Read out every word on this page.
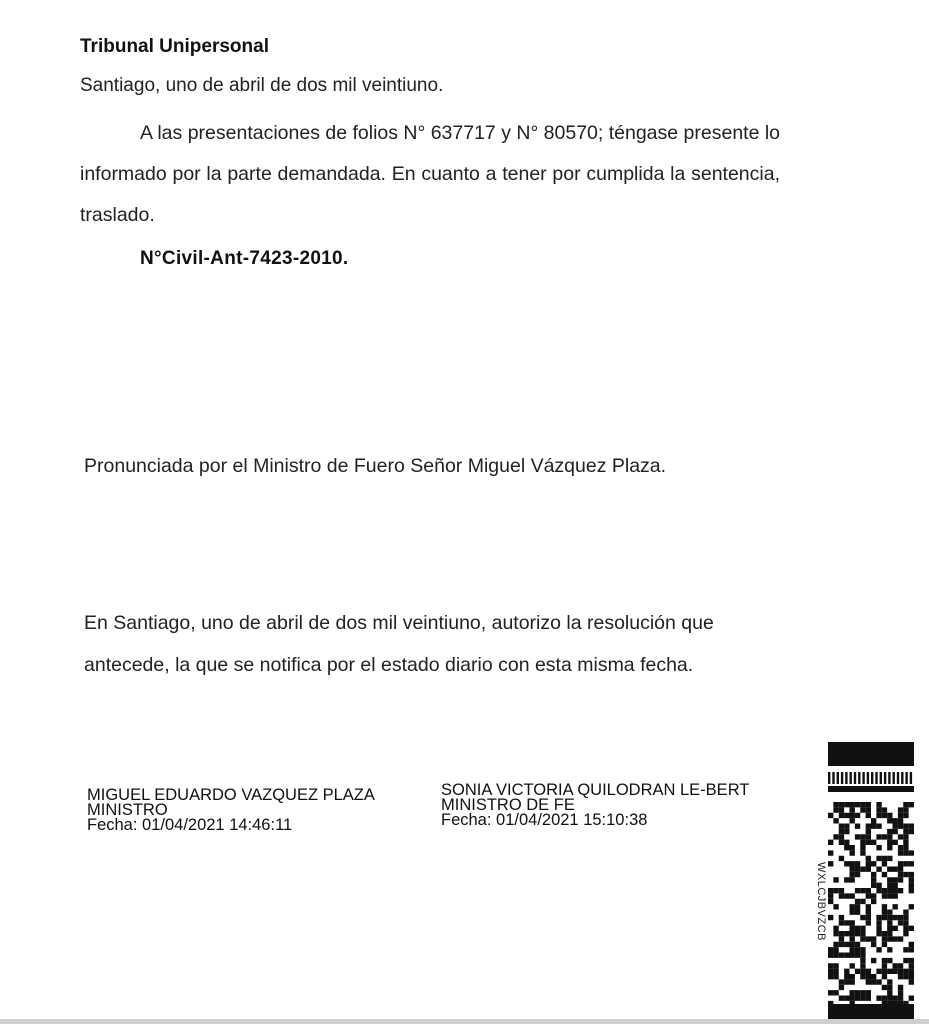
Tribunal Unipersonal
Santiago, uno de abril de dos mil veintiuno.
A las presentaciones de folios N° 637717 y N° 80570; téngase presente lo informado por la parte demandada. En cuanto a tener por cumplida la sentencia, traslado.
N°Civil-Ant-7423-2010.
Pronunciada por el Ministro de Fuero Señor Miguel Vázquez Plaza.
En Santiago, uno de abril de dos mil veintiuno, autorizo la resolución que antecede, la que se notifica por el estado diario con esta misma fecha.
MIGUEL EDUARDO VAZQUEZ PLAZA
MINISTRO
Fecha: 01/04/2021 14:46:11
SONIA VICTORIA QUILODRAN LE-BERT
MINISTRO DE FE
Fecha: 01/04/2021 15:10:38
WXLCJBVZCB
